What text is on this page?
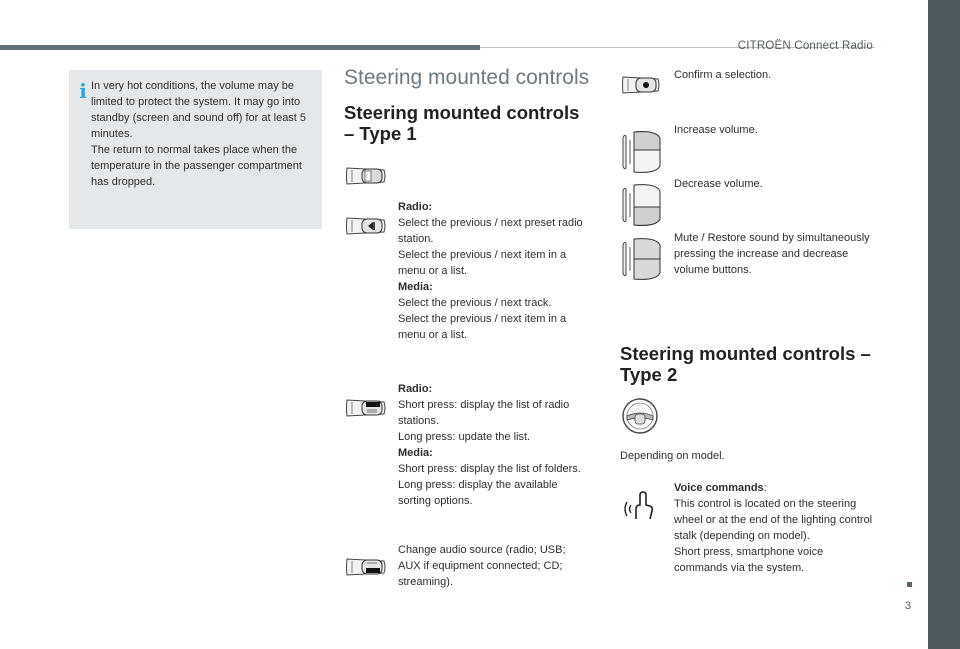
CITROËN Connect Radio
3
i In very hot conditions, the volume may be limited to protect the system. It may go into standby (screen and sound off) for at least 5 minutes.

The return to normal takes place when the temperature in the passenger compartment has dropped.

Steering mounted controls
Steering mounted controls – Type 1
Radio:
Select the previous / next preset radio station.
Select the previous / next item in a menu or a list.
Media:
Select the previous / next track.
Select the previous / next item in a menu or a list.
Radio:
Short press: display the list of radio stations.
Long press: update the list.
Media:
Short press: display the list of folders.
Long press: display the available sorting options.
Change audio source (radio; USB; AUX if equipment connected; CD; streaming).
Confirm a selection.
Increase volume.
Decrease volume.
Mute / Restore sound by simultaneously pressing the increase and decrease volume buttons.
Steering mounted controls – Type 2
Depending on model.
Voice commands:
This control is located on the steering wheel or at the end of the lighting control stalk (depending on model).
Short press, smartphone voice commands via the system.
